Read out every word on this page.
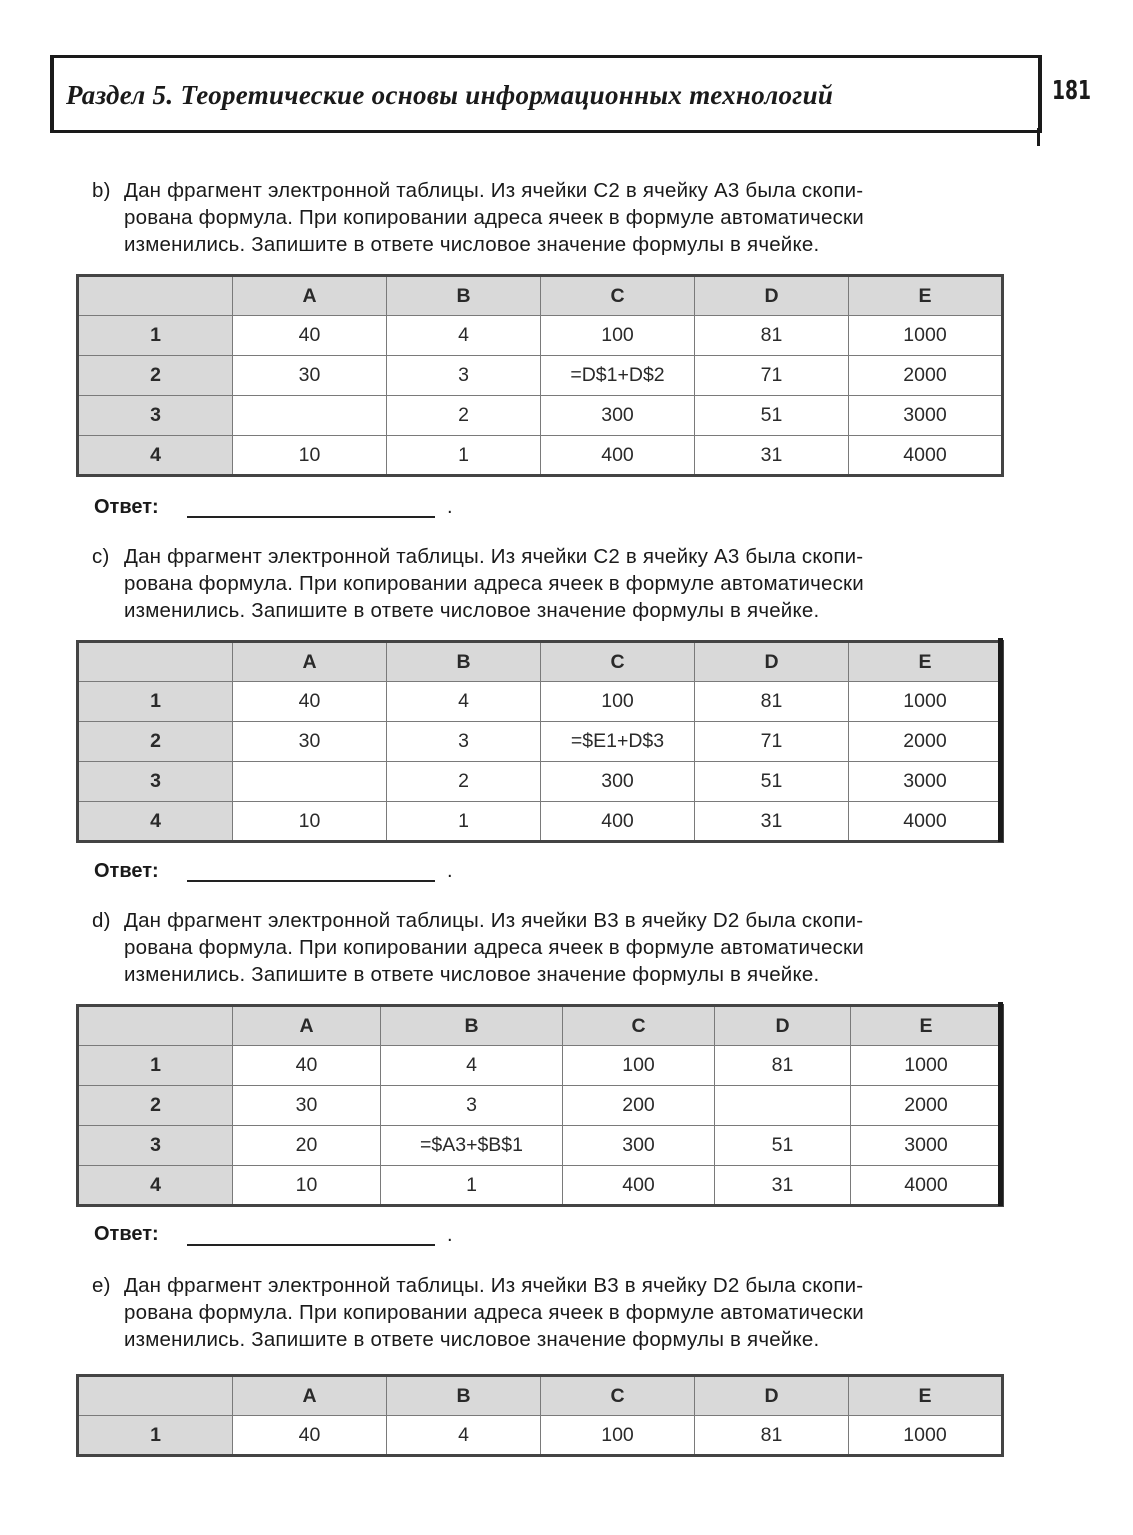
Раздел 5. Теоретические основы информационных технологий	181
b) Дан фрагмент электронной таблицы. Из ячейки C2 в ячейку A3 была скопи-
рована формула. При копировании адреса ячеек в формуле автоматически
изменились. Запишите в ответе числовое значение формулы в ячейке.
	A	B	C	D	E
1	40	4	100	81	1000
2	30	3	=D$1+D$2	71	2000
3		2	300	51	3000
4	10	1	400	31	4000
Ответ:	.
c) Дан фрагмент электронной таблицы. Из ячейки C2 в ячейку A3 была скопи-
рована формула. При копировании адреса ячеек в формуле автоматически
изменились. Запишите в ответе числовое значение формулы в ячейке.
	A	B	C	D	E
1	40	4	100	81	1000
2	30	3	=$E1+D$3	71	2000
3		2	300	51	3000
4	10	1	400	31	4000
Ответ:	.
d) Дан фрагмент электронной таблицы. Из ячейки B3 в ячейку D2 была скопи-
рована формула. При копировании адреса ячеек в формуле автоматически
изменились. Запишите в ответе числовое значение формулы в ячейке.
	A	B	C	D	E
1	40	4	100	81	1000
2	30	3	200		2000
3	20	=$A3+$B$1	300	51	3000
4	10	1	400	31	4000
Ответ:	.
e) Дан фрагмент электронной таблицы. Из ячейки B3 в ячейку D2 была скопи-
рована формула. При копировании адреса ячеек в формуле автоматически
изменились. Запишите в ответе числовое значение формулы в ячейке.
	A	B	C	D	E
1	40	4	100	81	1000
